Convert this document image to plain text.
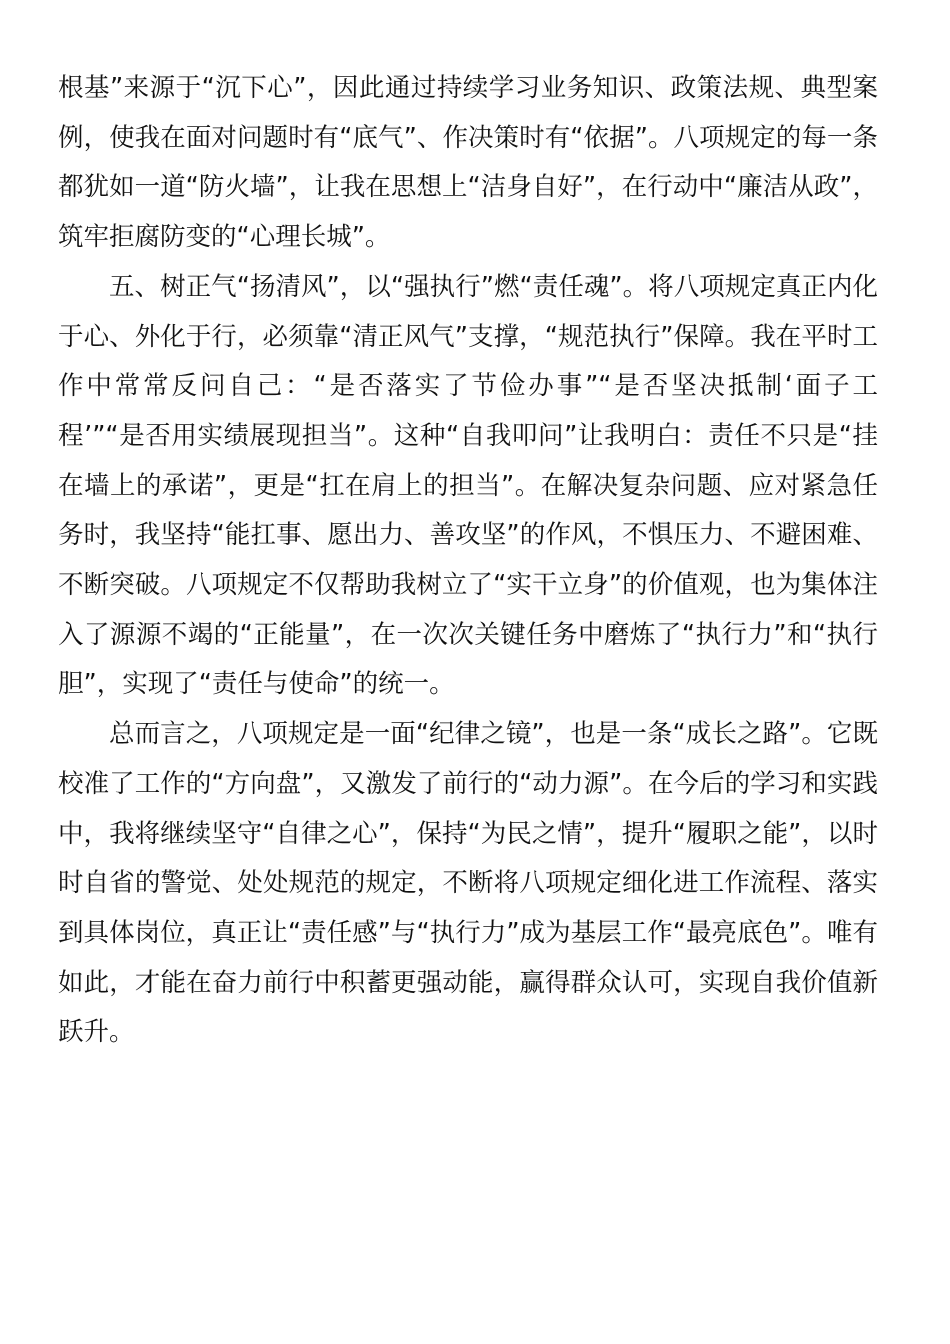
根基”来源于“沉下心”，因此通过持续学习业务知识、政策法规、典型案例，使我在面对问题时有“底气”、作决策时有“依据”。八项规定的每一条都犹如一道“防火墙”，让我在思想上“洁身自好”，在行动中“廉洁从政”，筑牢拒腐防变的“心理长城”。

五、树正气“扬清风”，以“强执行”燃“责任魂”。将八项规定真正内化于心、外化于行，必须靠“清正风气”支撑，“规范执行”保障。我在平时工作中常常反问自己：“是否落实了节俭办事”“是否坚决抵制‘面子工程’”“是否用实绩展现担当”。这种“自我叩问”让我明白：责任不只是“挂在墙上的承诺”，更是“扛在肩上的担当”。在解决复杂问题、应对紧急任务时，我坚持“能扛事、愿出力、善攻坚”的作风，不惧压力、不避困难、不断突破。八项规定不仅帮助我树立了“实干立身”的价值观，也为集体注入了源源不竭的“正能量”，在一次次关键任务中磨炼了“执行力”和“执行胆”，实现了“责任与使命”的统一。

总而言之，八项规定是一面“纪律之镜”，也是一条“成长之路”。它既校准了工作的“方向盘”，又激发了前行的“动力源”。在今后的学习和实践中，我将继续坚守“自律之心”，保持“为民之情”，提升“履职之能”，以时时自省的警觉、处处规范的规定，不断将八项规定细化进工作流程、落实到具体岗位，真正让“责任感”与“执行力”成为基层工作“最亮底色”。唯有如此，才能在奋力前行中积蓄更强动能，赢得群众认可，实现自我价值新跃升。
